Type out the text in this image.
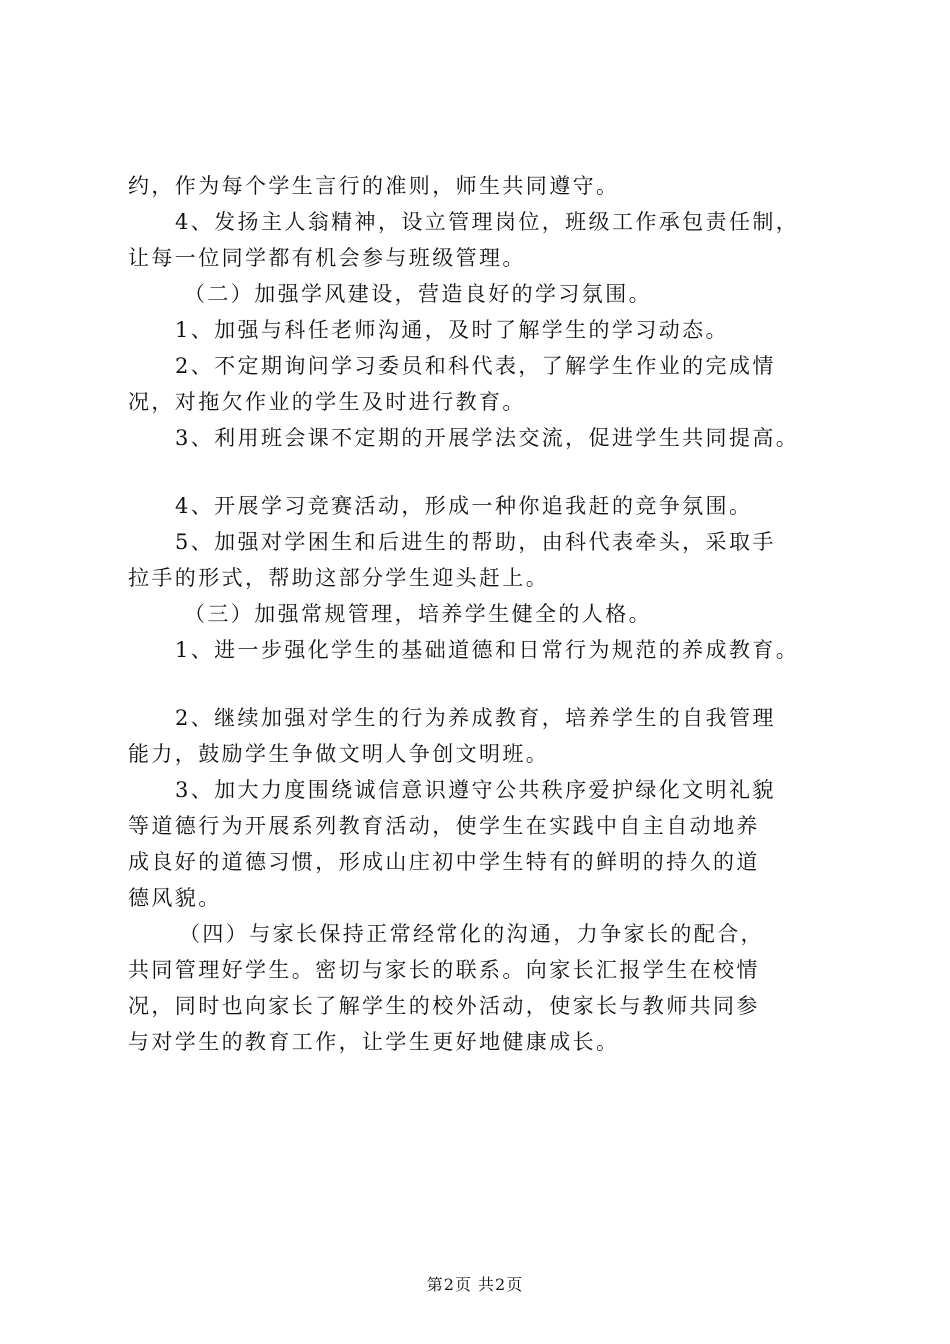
约，作为每个学生言行的准则，师生共同遵守。
4、发扬主人翁精神，设立管理岗位，班级工作承包责任制，
让每一位同学都有机会参与班级管理。
（二）加强学风建设，营造良好的学习氛围。
1、加强与科任老师沟通，及时了解学生的学习动态。
2、不定期询问学习委员和科代表，了解学生作业的完成情
况，对拖欠作业的学生及时进行教育。
3、利用班会课不定期的开展学法交流，促进学生共同提高。
4、开展学习竞赛活动，形成一种你追我赶的竞争氛围。
5、加强对学困生和后进生的帮助，由科代表牵头，采取手
拉手的形式，帮助这部分学生迎头赶上。
（三）加强常规管理，培养学生健全的人格。
1、进一步强化学生的基础道德和日常行为规范的养成教育。
2、继续加强对学生的行为养成教育，培养学生的自我管理
能力，鼓励学生争做文明人争创文明班。
3、加大力度围绕诚信意识遵守公共秩序爱护绿化文明礼貌
等道德行为开展系列教育活动，使学生在实践中自主自动地养
成良好的道德习惯，形成山庄初中学生特有的鲜明的持久的道
德风貌。
（四）与家长保持正常经常化的沟通，力争家长的配合，
共同管理好学生。密切与家长的联系。向家长汇报学生在校情
况，同时也向家长了解学生的校外活动，使家长与教师共同参
与对学生的教育工作，让学生更好地健康成长。
第2页 共2页
